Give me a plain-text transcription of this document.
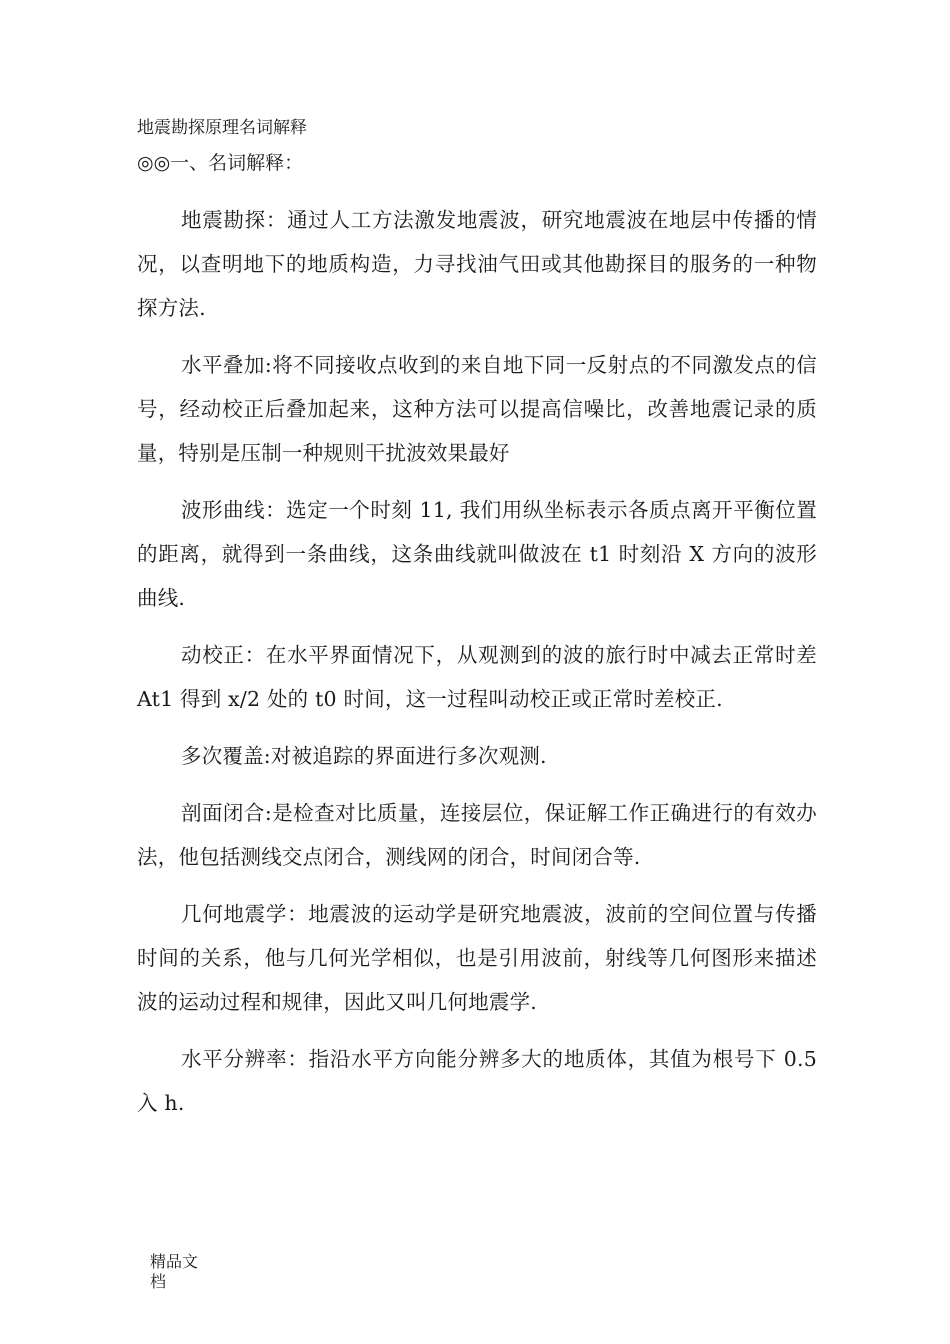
地震勘探原理名词解释
◎◎一、名词解释：

地震勘探：通过人工方法激发地震波，研究地震波在地层中传播的情况，以查明地下的地质构造，力寻找油气田或其他勘探目的服务的一种物探方法.

水平叠加:将不同接收点收到的来自地下同一反射点的不同激发点的信号，经动校正后叠加起来，这种方法可以提高信噪比，改善地震记录的质量，特别是压制一种规则干扰波效果最好

波形曲线：选定一个时刻 11, 我们用纵坐标表示各质点离开平衡位置的距离，就得到一条曲线，这条曲线就叫做波在 t1 时刻沿 X 方向的波形曲线.

动校正：在水平界面情况下，从观测到的波的旅行时中减去正常时差 At1 得到 x/2 处的 t0 时间，这一过程叫动校正或正常时差校正.

多次覆盖:对被追踪的界面进行多次观测.

剖面闭合:是检查对比质量，连接层位，保证解工作正确进行的有效办法，他包括测线交点闭合，测线网的闭合，时间闭合等.

几何地震学：地震波的运动学是研究地震波，波前的空间位置与传播时间的关系，他与几何光学相似，也是引用波前，射线等几何图形来描述波的运动过程和规律，因此又叫几何地震学.

水平分辨率：指沿水平方向能分辨多大的地质体，其值为根号下 0.5 入 h.

精品文档
